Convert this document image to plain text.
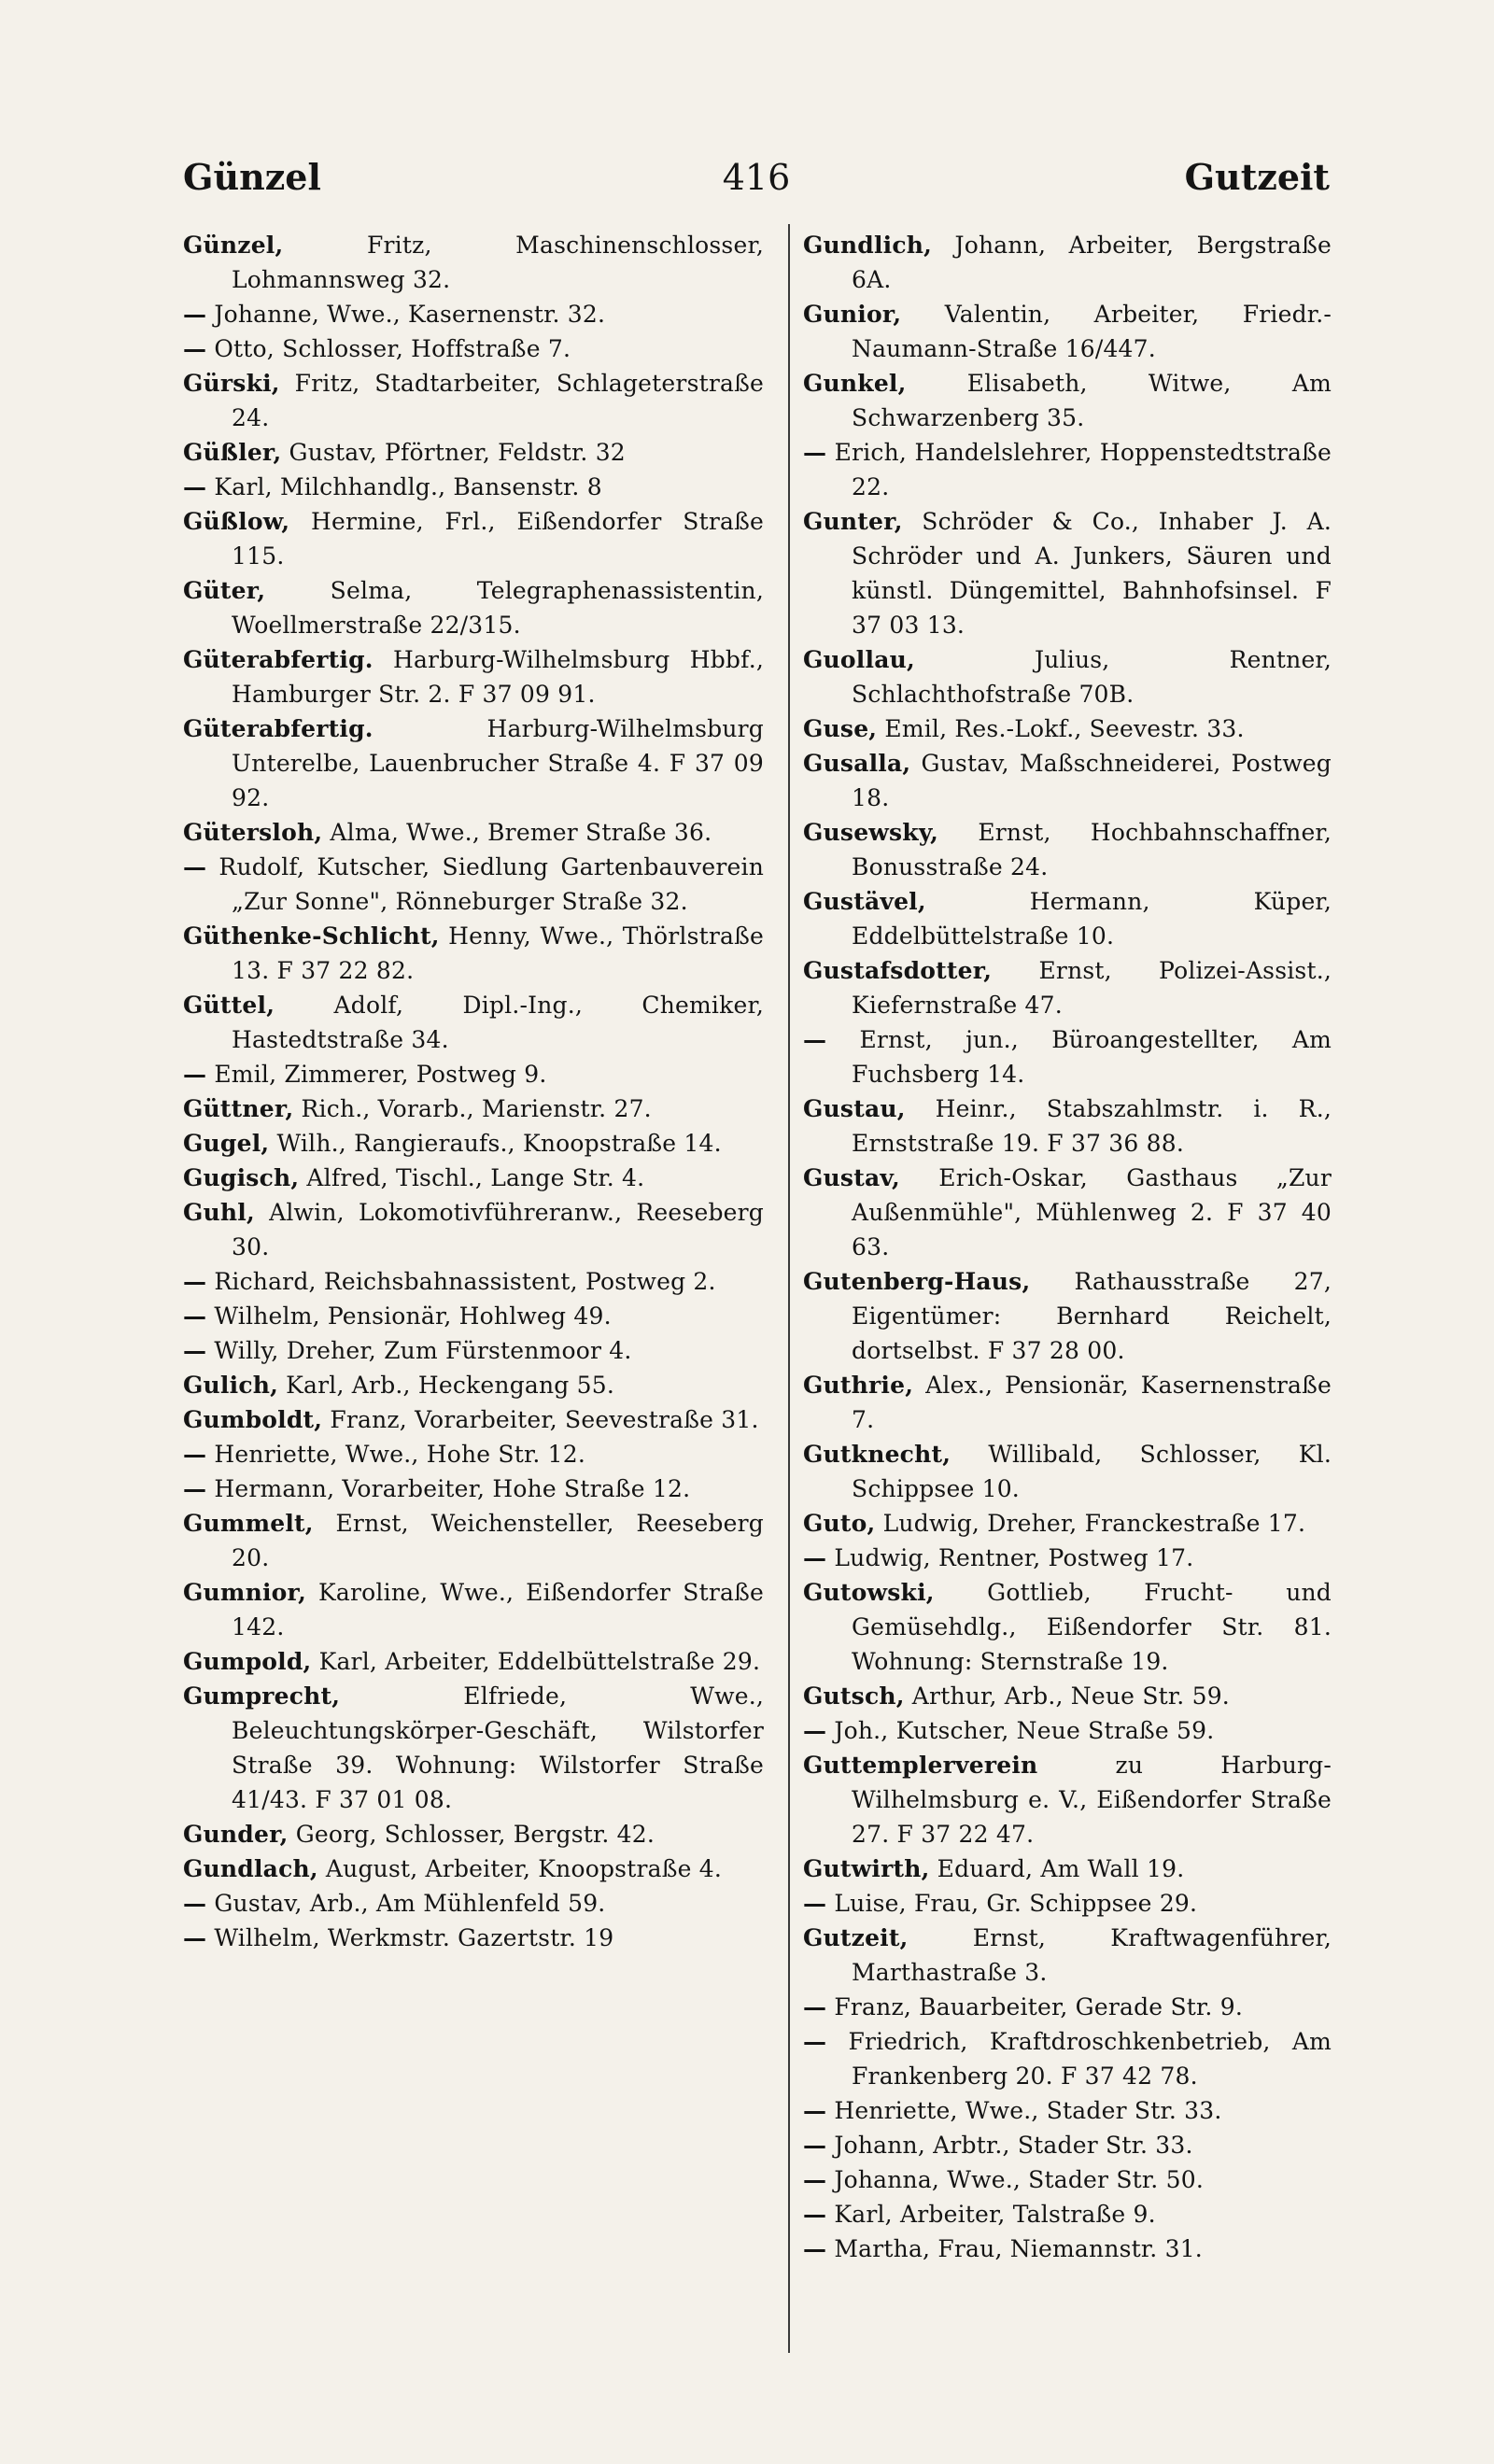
Günzel	416	Gutzeit

Günzel, Fritz, Maschinenschlosser, Lohmannsweg 32.

— Johanne, Wwe., Kasernenstr. 32.

— Otto, Schlosser, Hoffstraße 7.

Gürski, Fritz, Stadtarbeiter, Schlageterstraße 24.

Güßler, Gustav, Pförtner, Feldstr. 32

— Karl, Milchhandlg., Bansenstr. 8

Güßlow, Hermine, Frl., Eißendorfer Straße 115.

Güter, Selma, Telegraphenassistentin, Woellmerstraße 22/315.

Güterabfertig. Harburg-Wilhelmsburg Hbbf., Hamburger Str. 2. F 37 09 91.

Güterabfertig. Harburg-Wilhelmsburg Unterelbe, Lauenbrucher Straße 4. F 37 09 92.

Gütersloh, Alma, Wwe., Bremer Straße 36.

— Rudolf, Kutscher, Siedlung Gartenbauverein „Zur Sonne", Rönneburger Straße 32.

Güthenke-Schlicht, Henny, Wwe., Thörlstraße 13. F 37 22 82.

Güttel, Adolf, Dipl.-Ing., Chemiker, Hastedtstraße 34.

— Emil, Zimmerer, Postweg 9.

Güttner, Rich., Vorarb., Marienstr. 27.

Gugel, Wilh., Rangieraufs., Knoopstraße 14.

Gugisch, Alfred, Tischl., Lange Str. 4.

Guhl, Alwin, Lokomotivführeranw., Reeseberg 30.

— Richard, Reichsbahnassistent, Postweg 2.

— Wilhelm, Pensionär, Hohlweg 49.

— Willy, Dreher, Zum Fürstenmoor 4.

Gulich, Karl, Arb., Heckengang 55.

Gumboldt, Franz, Vorarbeiter, Seevestraße 31.

— Henriette, Wwe., Hohe Str. 12.

— Hermann, Vorarbeiter, Hohe Straße 12.

Gummelt, Ernst, Weichensteller, Reeseberg 20.

Gumnior, Karoline, Wwe., Eißendorfer Straße 142.

Gumpold, Karl, Arbeiter, Eddelbüttelstraße 29.

Gumprecht, Elfriede, Wwe., Beleuchtungskörper-Geschäft, Wilstorfer Straße 39. Wohnung: Wilstorfer Straße 41/43. F 37 01 08.

Gunder, Georg, Schlosser, Bergstr. 42.

Gundlach, August, Arbeiter, Knoopstraße 4.

— Gustav, Arb., Am Mühlenfeld 59.

— Wilhelm, Werkmstr. Gazertstr. 19

Gundlich, Johann, Arbeiter, Bergstraße 6A.

Gunior, Valentin, Arbeiter, Friedr.-Naumann-Straße 16/447.

Gunkel, Elisabeth, Witwe, Am Schwarzenberg 35.

— Erich, Handelslehrer, Hoppenstedtstraße 22.

Gunter, Schröder & Co., Inhaber J. A. Schröder und A. Junkers, Säuren und künstl. Düngemittel, Bahnhofsinsel. F 37 03 13.

Guollau, Julius, Rentner, Schlachthofstraße 70B.

Guse, Emil, Res.-Lokf., Seevestr. 33.

Gusalla, Gustav, Maßschneiderei, Postweg 18.

Gusewsky, Ernst, Hochbahnschaffner, Bonusstraße 24.

Gustävel, Hermann, Küper, Eddelbüttelstraße 10.

Gustafsdotter, Ernst, Polizei-Assist., Kiefernstraße 47.

— Ernst, jun., Büroangestellter, Am Fuchsberg 14.

Gustau, Heinr., Stabszahlmstr. i. R., Ernststraße 19. F 37 36 88.

Gustav, Erich-Oskar, Gasthaus „Zur Außenmühle", Mühlenweg 2. F 37 40 63.

Gutenberg-Haus, Rathausstraße 27, Eigentümer: Bernhard Reichelt, dortselbst. F 37 28 00.

Guthrie, Alex., Pensionär, Kasernenstraße 7.

Gutknecht, Willibald, Schlosser, Kl. Schippsee 10.

Guto, Ludwig, Dreher, Franckestraße 17.

— Ludwig, Rentner, Postweg 17.

Gutowski, Gottlieb, Frucht- und Gemüsehdlg., Eißendorfer Str. 81. Wohnung: Sternstraße 19.

Gutsch, Arthur, Arb., Neue Str. 59.

— Joh., Kutscher, Neue Straße 59.

Guttemplerverein zu Harburg-Wilhelmsburg e. V., Eißendorfer Straße 27. F 37 22 47.

Gutwirth, Eduard, Am Wall 19.

— Luise, Frau, Gr. Schippsee 29.

Gutzeit, Ernst, Kraftwagenführer, Marthastraße 3.

— Franz, Bauarbeiter, Gerade Str. 9.

— Friedrich, Kraftdroschkenbetrieb, Am Frankenberg 20. F 37 42 78.

— Henriette, Wwe., Stader Str. 33.

— Johann, Arbtr., Stader Str. 33.

— Johanna, Wwe., Stader Str. 50.

— Karl, Arbeiter, Talstraße 9.

— Martha, Frau, Niemannstr. 31.
